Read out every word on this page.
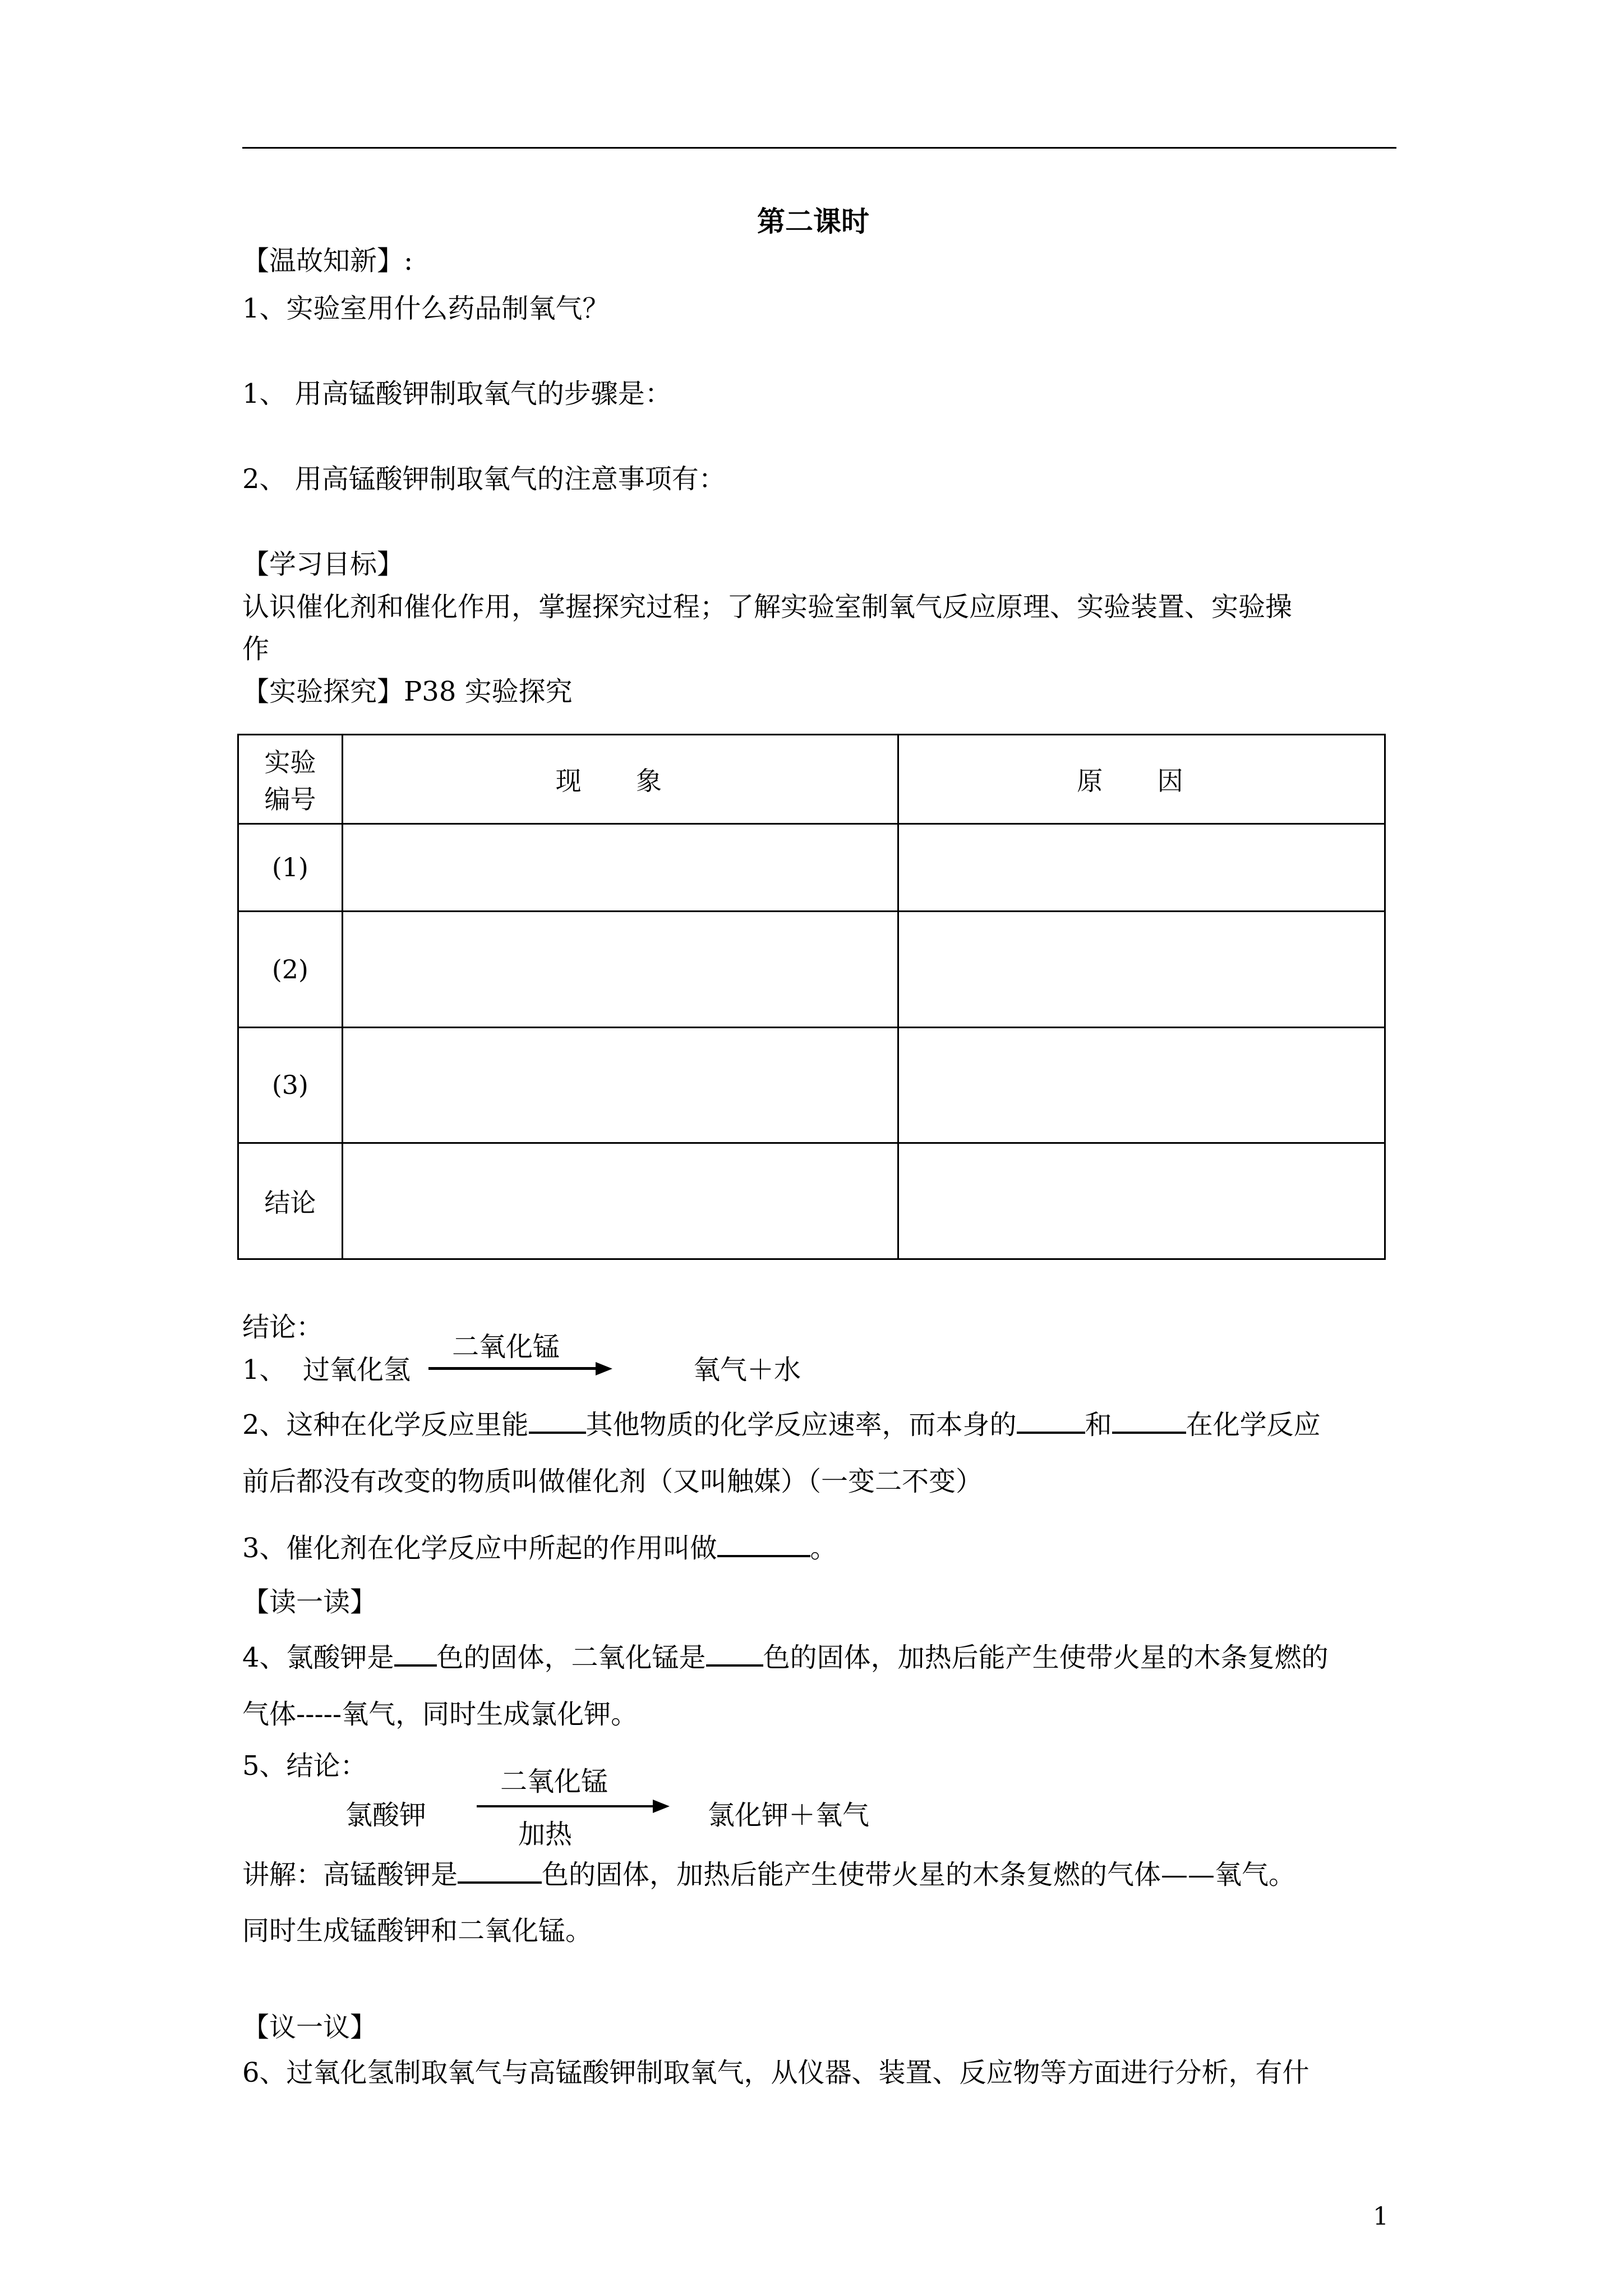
第二课时
【温故知新】:
1、实验室用什么药品制氧气？
1、 用高锰酸钾制取氧气的步骤是：
2、 用高锰酸钾制取氧气的注意事项有：
【学习目标】
认识催化剂和催化作用，掌握探究过程；了解实验室制氧气反应原理、实验装置、实验操
作
【实验探究】P38 实验探究
实验
编号	现 象	原 因
(1)		
(2)		
(3)		
结论		
结论：
1、 过氧化氢
二氧化锰
氧气＋水
2、这种在化学反应里能 其他物质的化学反应速率，而本身的	和	在化学反应
前后都没有改变的物质叫做催化剂（又叫触媒）（一变二不变）
3、催化剂在化学反应中所起的作用叫做	。
【读一读】
4、氯酸钾是 色的固体，二氧化锰是 色的固体，加热后能产生使带火星的木条复燃的
气体-----氧气，同时生成氯化钾。
5、结论：
氯酸钾
二氧化锰
加热
氯化钾＋氧气
讲解：高锰酸钾是	色的固体，加热后能产生使带火星的木条复燃的气体——氧气。
同时生成锰酸钾和二氧化锰。
【议一议】
6、过氧化氢制取氧气与高锰酸钾制取氧气，从仪器、装置、反应物等方面进行分析，有什
1
